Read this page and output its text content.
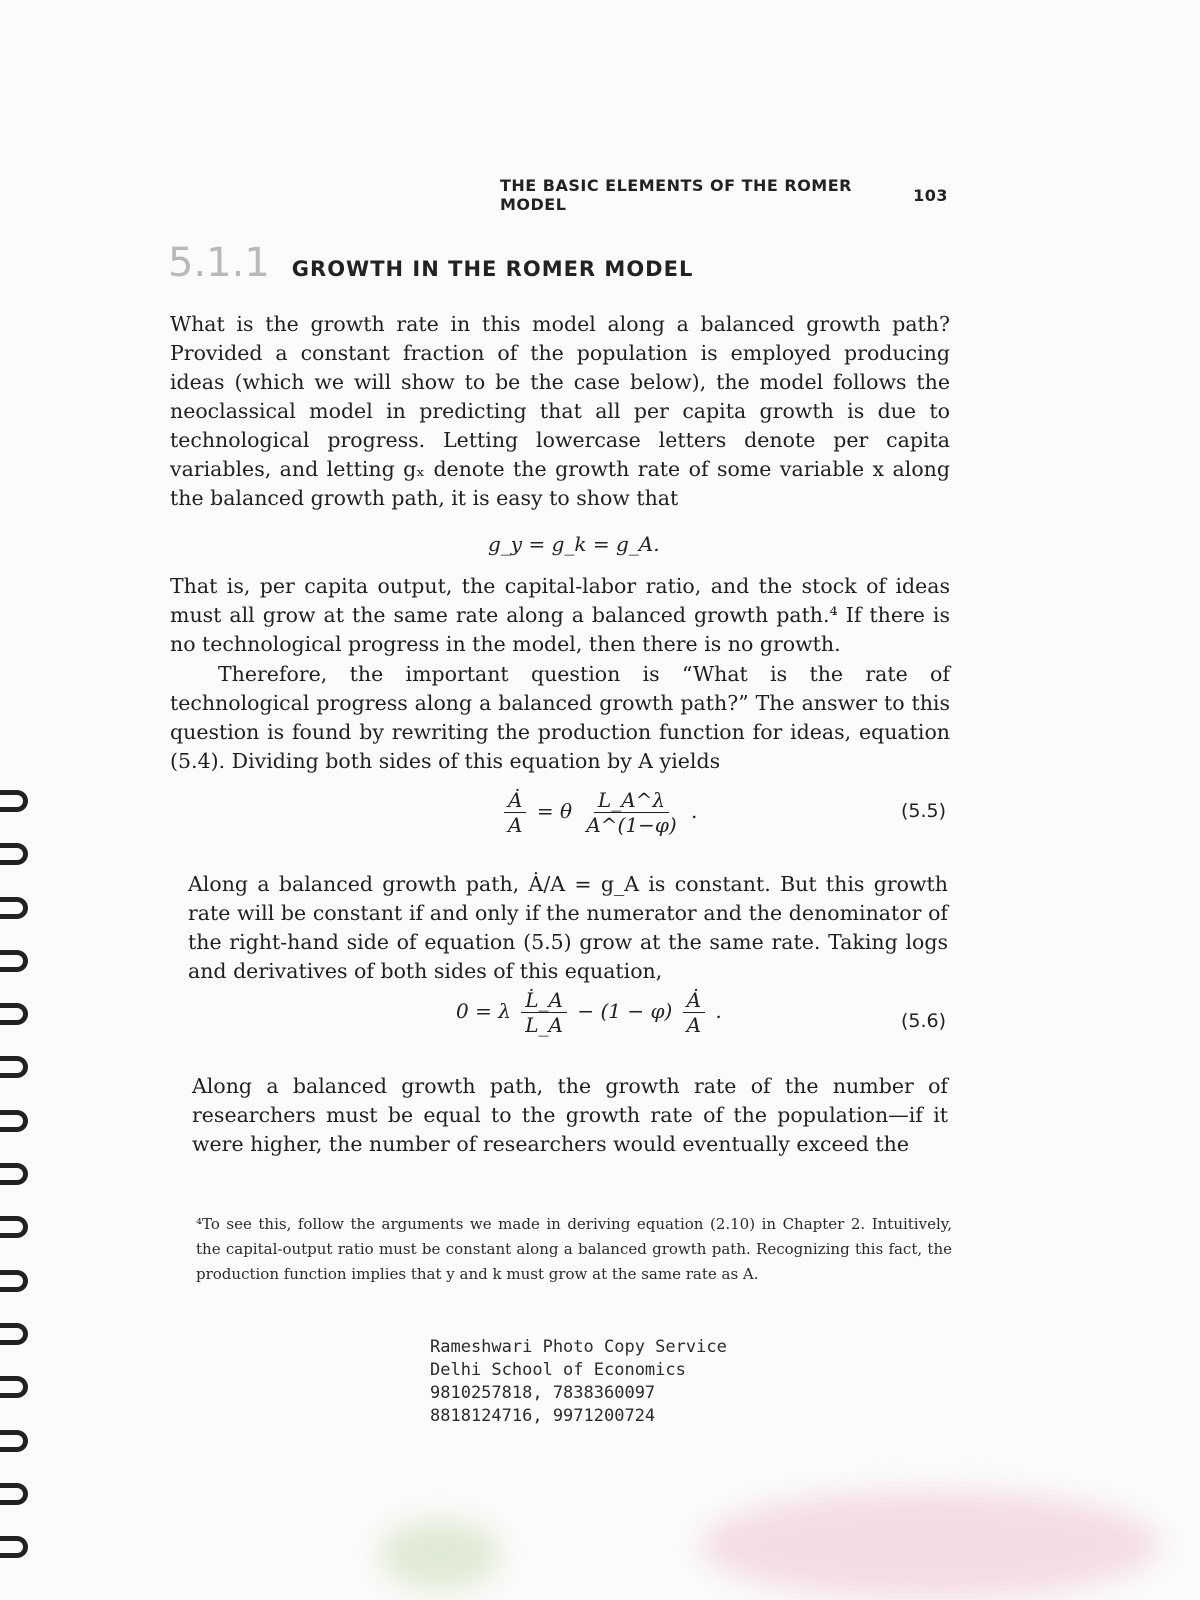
THE BASIC ELEMENTS OF THE ROMER MODEL	103
5.1.1 GROWTH IN THE ROMER MODEL

What is the growth rate in this model along a balanced growth path? Provided a constant fraction of the population is employed producing ideas (which we will show to be the case below), the model follows the neoclassical model in predicting that all per capita growth is due to technological progress. Letting lowercase letters denote per capita variables, and letting gₓ denote the growth rate of some variable x along the balanced growth path, it is easy to show that

g_y = g_k = g_A.

That is, per capita output, the capital-labor ratio, and the stock of ideas must all grow at the same rate along a balanced growth path.⁴ If there is no technological progress in the model, then there is no growth.

Therefore, the important question is “What is the rate of technological progress along a balanced growth path?” The answer to this question is found by rewriting the production function for ideas, equation (5.4). Dividing both sides of this equation by A yields

$\frac{Ȧ}{A} = \theta \frac{L\_A\^{}\lambda}{A\^{}(1-\varphi)}$ .	(5.5)

Along a balanced growth path, Ȧ/A = g_A is constant. But this growth rate will be constant if and only if the numerator and the denominator of the right-hand side of equation (5.5) grow at the same rate. Taking logs and derivatives of both sides of this equation,

0 = λ $\frac{L̇\_A}{L\_A} - (1 - \varphi) \frac{Ȧ}{A}$ .	(5.6)

Along a balanced growth path, the growth rate of the number of researchers must be equal to the growth rate of the population—if it were higher, the number of researchers would eventually exceed the

⁴To see this, follow the arguments we made in deriving equation (2.10) in Chapter 2. Intuitively, the capital-output ratio must be constant along a balanced growth path. Recognizing this fact, the production function implies that y and k must grow at the same rate as A.

Rameshwari Photo Copy Service
Delhi School of Economics
9810257818, 7838360097
8818124716, 9971200724
